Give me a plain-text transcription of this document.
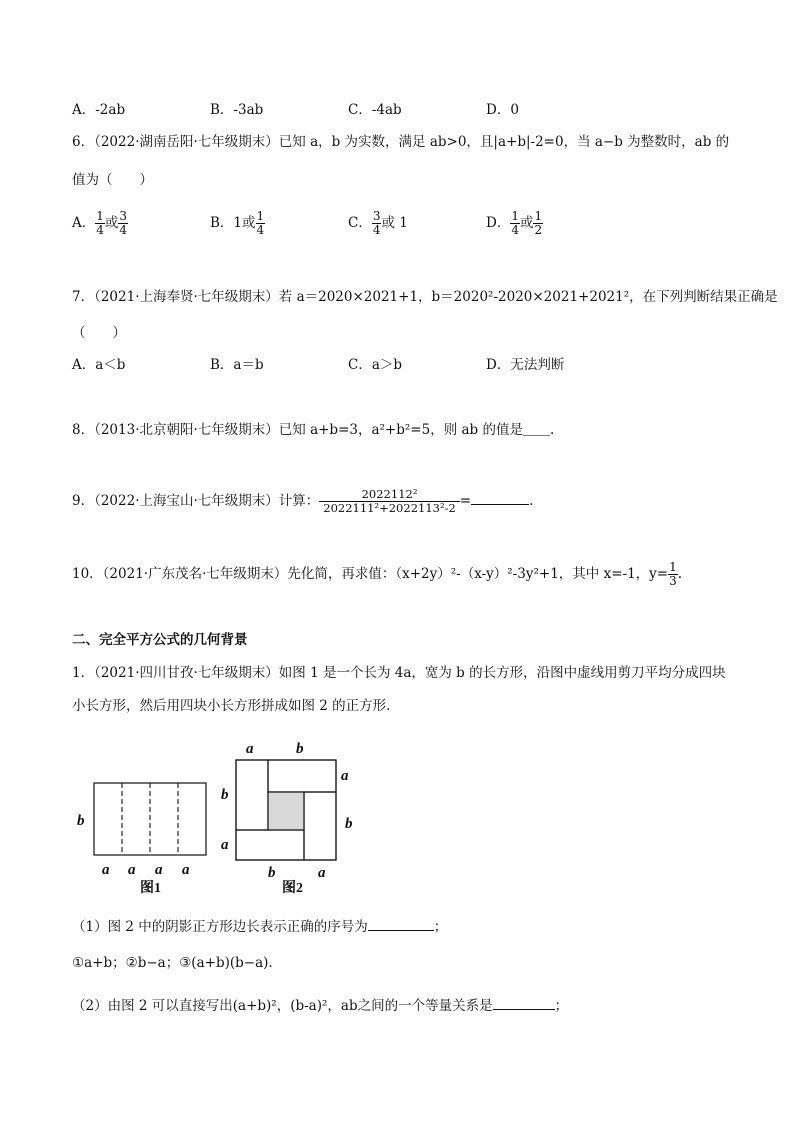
A．-2ab	B．-3ab	C．-4ab	D．0
6．（2022·湖南岳阳·七年级期末）已知 a，b 为实数，满足 ab>0，且|a+b|-2=0，当 a−b 为整数时，ab 的
值为（　　）
A． $\frac{1}{4}$ 或 $\frac{3}{4}$	B．1或 $\frac{1}{4}$	C． $\frac{3}{4}$ 或 1	D． $\frac{1}{4}$ 或 $\frac{1}{2}$
7．（2021·上海奉贤·七年级期末）若 a＝2020×2021+1，b＝2020²-2020×2021+2021²，在下列判断结果正确是
（　　）
A．a＜b	B．a＝b	C．a＞b	D．无法判断
8．（2013·北京朝阳·七年级期末）已知 a+b=3，a²+b²=5，则 ab 的值是＿＿.
9．（2022·上海宝山·七年级期末）计算： $\frac{\text{2022112²}}{\text{2022111²+2022113²-2}}$ =	.
10．（2021·广东茂名·七年级期末）先化简，再求值：（x+2y）²-（x-y）²-3y²+1，其中 x=-1，$y= \frac{1}{3}$ .
二、完全平方公式的几何背景
1．（2021·四川甘孜·七年级期末）如图 1 是一个长为 4a，宽为 b 的长方形，沿图中虚线用剪刀平均分成四块
小长方形，然后用四块小长方形拼成如图 2 的正方形.
b
a a a a
图1
a	b
a
b
b
a
b	a
图2
（1）图 2 中的阴影正方形边长表示正确的序号为	；
①a+b；②b−a；③(a+b)(b−a).
（2）由图 2 可以直接写出(a+b)²，(b-a)²，ab之间的一个等量关系是	；
